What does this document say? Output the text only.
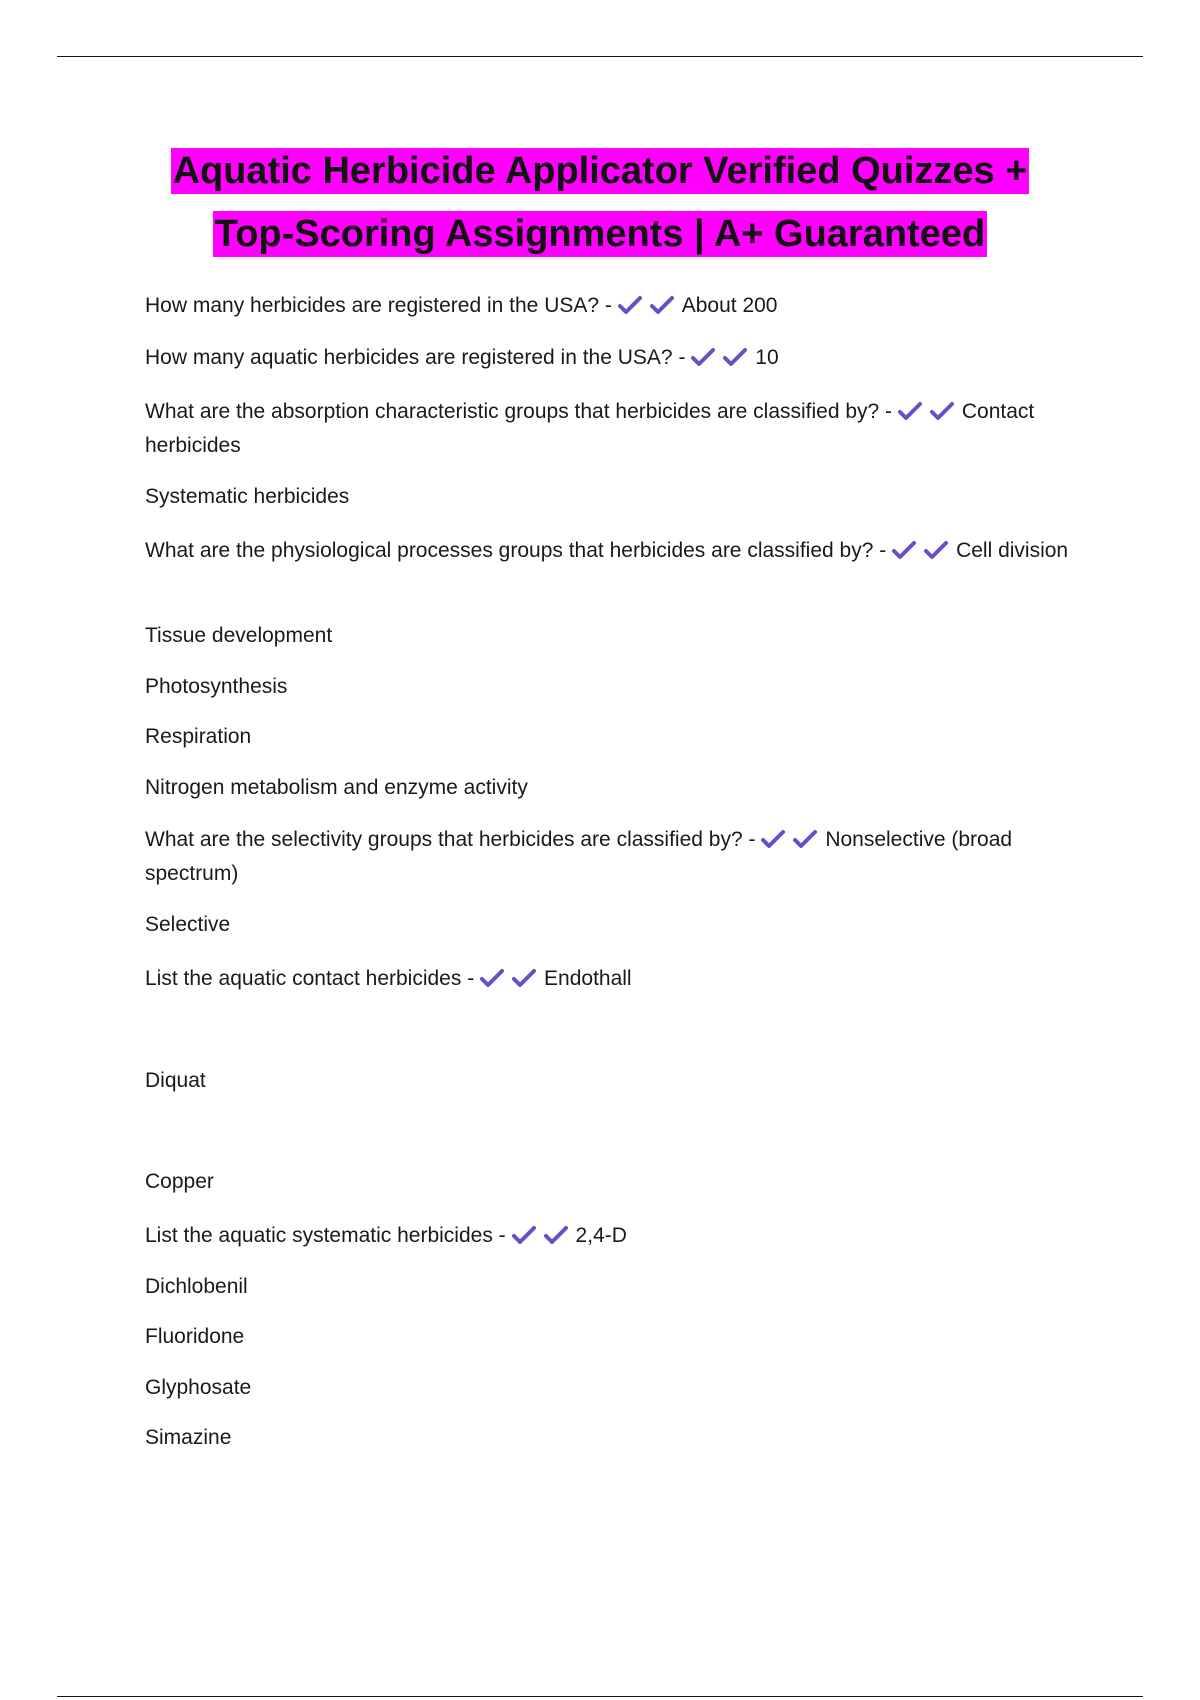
Aquatic Herbicide Applicator Verified Quizzes +
Top-Scoring Assignments | A+ Guaranteed

How many herbicides are registered in the USA? -	About 200

How many aquatic herbicides are registered in the USA? -	10

What are the absorption characteristic groups that herbicides are classified by? -	Contact herbicides

Systematic herbicides

What are the physiological processes groups that herbicides are classified by? -	Cell division

Tissue development

Photosynthesis

Respiration

Nitrogen metabolism and enzyme activity

What are the selectivity groups that herbicides are classified by? -	Nonselective (broad spectrum)

Selective

List the aquatic contact herbicides -	Endothall

Diquat

Copper

List the aquatic systematic herbicides -	2,4-D

Dichlobenil

Fluoridone

Glyphosate

Simazine
